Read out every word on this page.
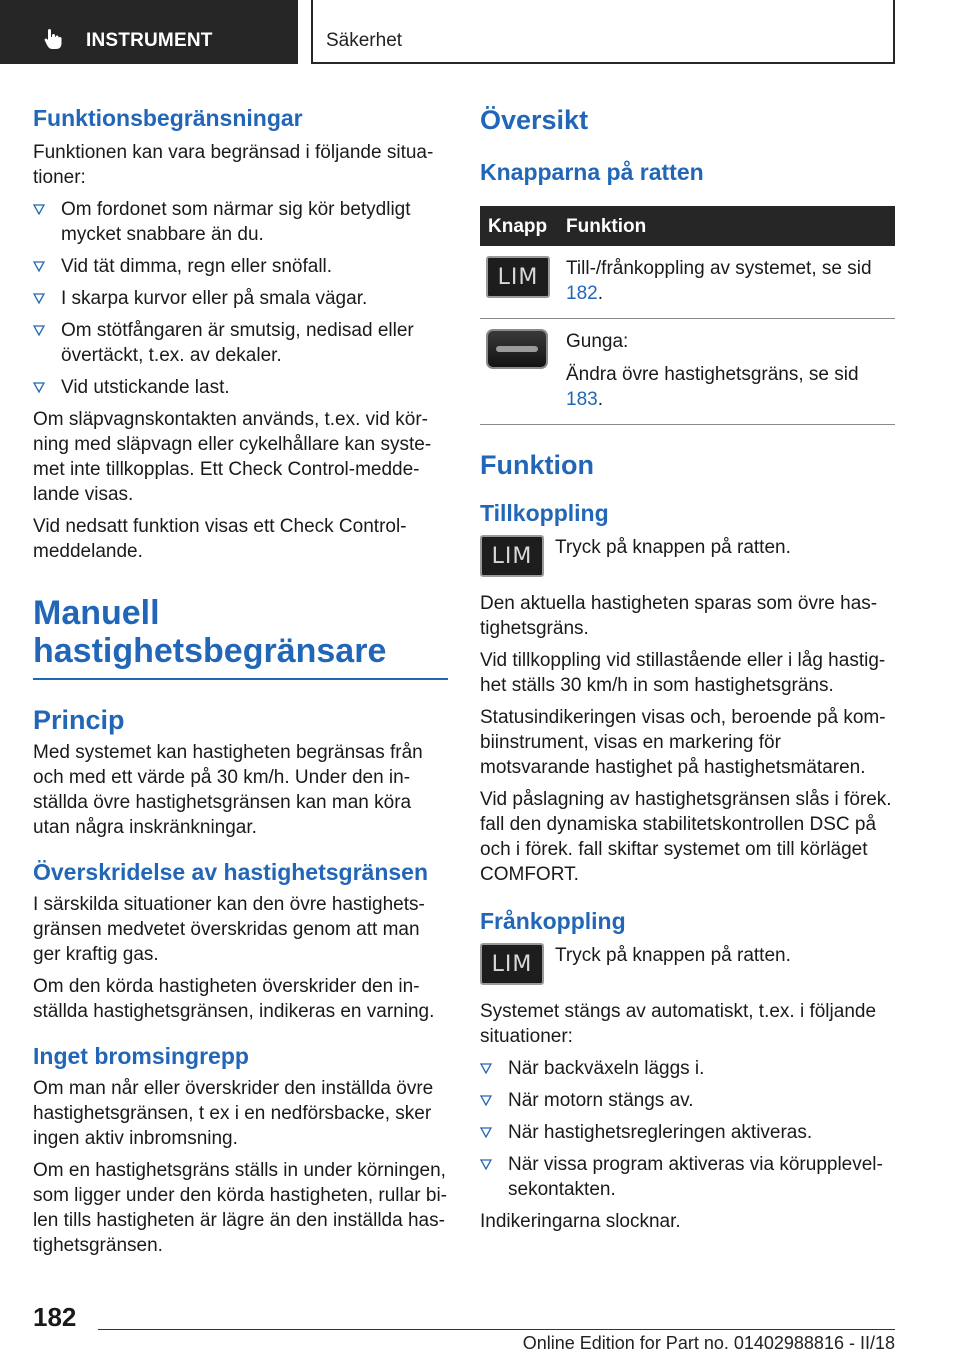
INSTRUMENT	Säkerhet
Funktionsbegränsningar

Funktionen kan vara begränsad i följande situa-tioner:

Om fordonet som närmar sig kör betydligt mycket snabbare än du.
Vid tät dimma, regn eller snöfall.
I skarpa kurvor eller på smala vägar.
Om stötfångaren är smutsig, nedisad eller övertäckt, t.ex. av dekaler.
Vid utstickande last.

Om släpvagnskontakten används, t.ex. vid kör-ning med släpvagn eller cykelhållare kan syste-met inte tillkopplas. Ett Check Control-medde-lande visas.

Vid nedsatt funktion visas ett Check Control-meddelande.

Manuell
hastighetsbegränsare
Princip

Med systemet kan hastigheten begränsas från och med ett värde på 30 km/h. Under den in-ställda övre hastighetsgränsen kan man köra utan några inskränkningar.

Överskridelse av hastighetsgränsen

I särskilda situationer kan den övre hastighets-gränsen medvetet överskridas genom att man ger kraftig gas.

Om den körda hastigheten överskrider den in-ställda hastighetsgränsen, indikeras en varning.

Inget bromsingrepp

Om man når eller överskrider den inställda övre hastighetsgränsen, t ex i en nedförsbacke, sker ingen aktiv inbromsning.

Om en hastighetsgräns ställs in under körningen, som ligger under den körda hastigheten, rullar bi-len tills hastigheten är lägre än den inställda has-tighetsgränsen.

Översikt
Knapparna på ratten
Knapp	Funktion

LIM	Till-/frånkoppling av systemet, se sid 182.

	Gunga:

Ändra övre hastighetsgräns, se sid 183.
Funktion
Tillkoppling
LIM	Tryck på knappen på ratten.

Den aktuella hastigheten sparas som övre has-tighetsgräns.

Vid tillkoppling vid stillastående eller i låg hastig-het ställs 30 km/h in som hastighetsgräns.

Statusindikeringen visas och, beroende på kom-biinstrument, visas en markering för motsvarande hastighet på hastighetsmätaren.

Vid påslagning av hastighetsgränsen slås i förek. fall den dynamiska stabilitetskontrollen DSC på och i förek. fall skiftar systemet om till körläget COMFORT.

Frånkoppling
LIM	Tryck på knappen på ratten.

Systemet stängs av automatiskt, t.ex. i följande situationer:

När backväxeln läggs i.
När motorn stängs av.
När hastighetsregleringen aktiveras.
När vissa program aktiveras via körupplevel-sekontakten.

Indikeringarna slocknar.

182
Online Edition for Part no. 01402988816 - II/18
